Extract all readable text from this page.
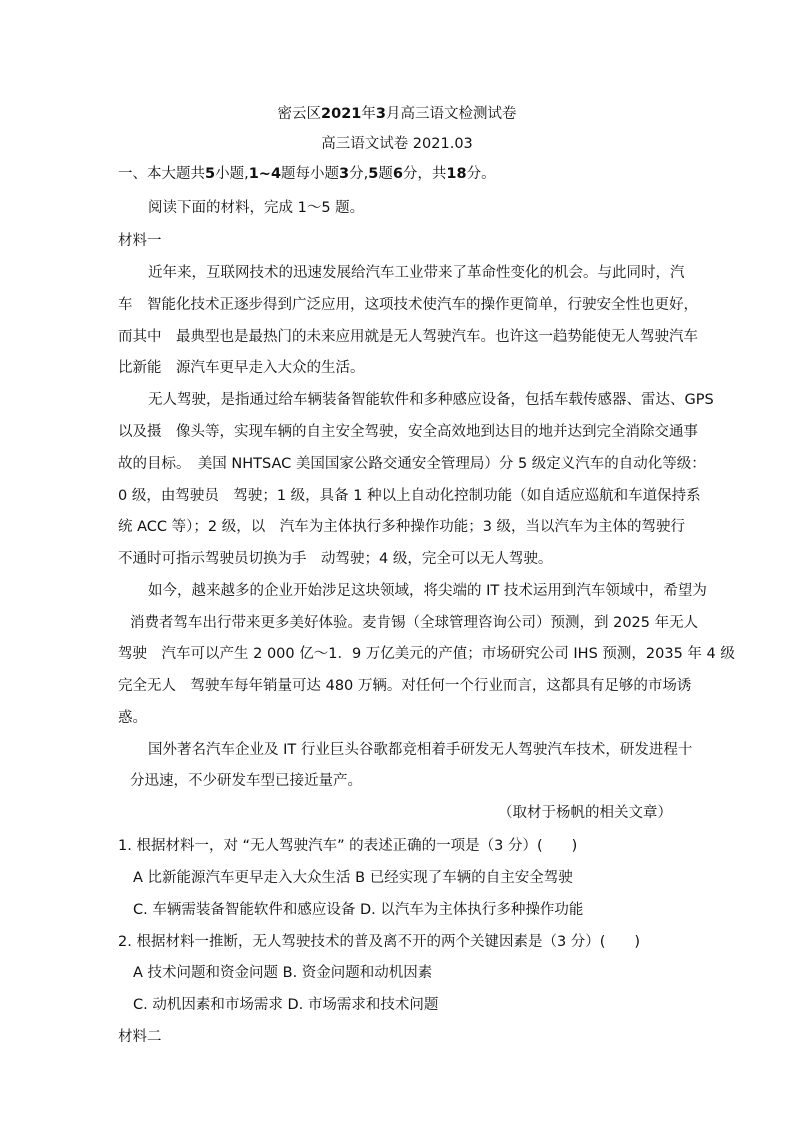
密云区2021年3月高三语文检测试卷
高三语文试卷 2021.03
一、本大题共5小题,1~4题每小题3分,5题6分，共18分。
阅读下面的材料，完成 1～5 题。
材料一
近年来，互联网技术的迅速发展给汽车工业带来了革命性变化的机会。与此同时，汽
车　智能化技术正逐步得到广泛应用，这项技术使汽车的操作更简单，行驶安全性也更好，
而其中　最典型也是最热门的未来应用就是无人驾驶汽车。也许这一趋势能使无人驾驶汽车
比新能　源汽车更早走入大众的生活。
无人驾驶，是指通过给车辆装备智能软件和多种感应设备，包括车载传感器、雷达、GPS
以及摄　像头等，实现车辆的自主安全驾驶，安全高效地到达目的地并达到完全消除交通事
故的目标。　美国 NHTSAC 美国国家公路交通安全管理局）分 5 级定义汽车的自动化等级：
0 级，由驾驶员　驾驶；1 级，具备 1 种以上自动化控制功能（如自适应巡航和车道保持系
统 ACC 等）；2 级，以　汽车为主体执行多种操作功能；3 级，当以汽车为主体的驾驶行
不通时可指示驾驶员切换为手　动驾驶；4 级，完全可以无人驾驶。
如今，越来越多的企业开始涉足这块领域，将尖端的 IT 技术运用到汽车领域中，希望为
消费者驾车出行带来更多美好体验。麦肯锡（全球管理咨询公司）预测，到 2025 年无人
驾驶　汽车可以产生 2 000 亿～1．9 万亿美元的产值；市场研究公司 IHS 预测，2035 年 4 级
完全无人　驾驶车每年销量可达 480 万辆。对任何一个行业而言，这都具有足够的市场诱
惑。
国外著名汽车企业及 IT 行业巨头谷歌都竞相着手研发无人驾驶汽车技术，研发进程十
分迅速，不少研发车型已接近量产。
（取材于杨帆的相关文章）
1. 根据材料一，对 “无人驾驶汽车” 的表述正确的一项是（3 分）(　　)
A 比新能源汽车更早走入大众生活 B 已经实现了车辆的自主安全驾驶
C. 车辆需装备智能软件和感应设备 D. 以汽车为主体执行多种操作功能
2. 根据材料一推断，无人驾驶技术的普及离不开的两个关键因素是（3 分）(　　)
A 技术问题和资金问题 B. 资金问题和动机因素
C. 动机因素和市场需求 D. 市场需求和技术问题
材料二
